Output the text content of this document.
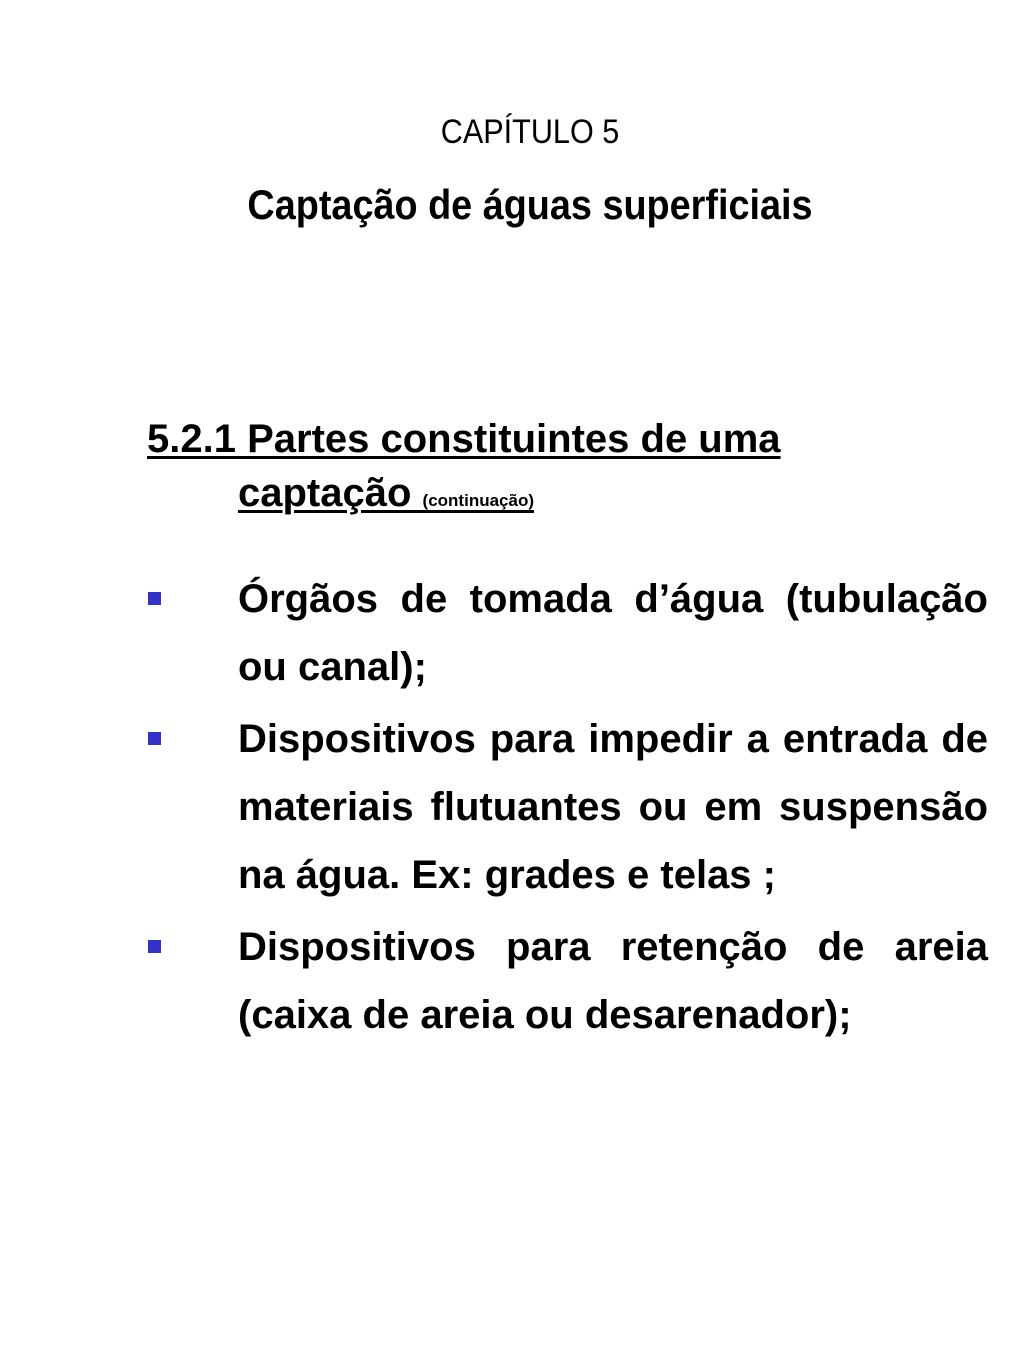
CAPÍTULO 5
Captação de águas superficiais
5.2.1 Partes constituintes de uma
captação (continuação)
Órgãos de tomada d’água (tubulação ou canal);
Dispositivos para impedir a entrada de materiais flutuantes ou em suspensão na água. Ex: grades e telas ;
Dispositivos para retenção de areia (caixa de areia ou desarenador);
